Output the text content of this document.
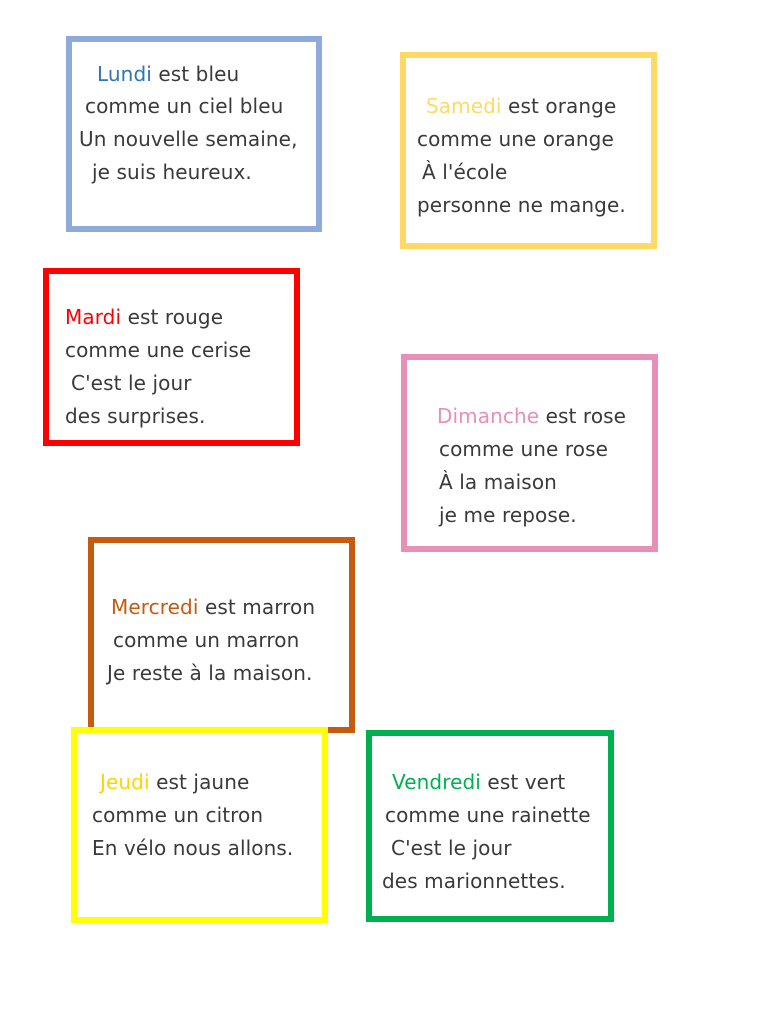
Lundi est bleu
comme un ciel bleu
Un nouvelle semaine,
je suis heureux.
Samedi est orange
comme une orange
À l'école
personne ne mange.
Mardi est rouge
comme une cerise
C'est le jour
des surprises.	Dimanche est rose
comme une rose
À la maison
je me repose.
Mercredi est marron
comme un marron
Je reste à la maison.
Jeudi est jaune
comme un citron
En vélo nous allons.
Vendredi est vert
comme une rainette
C'est le jour
des marionnettes.
